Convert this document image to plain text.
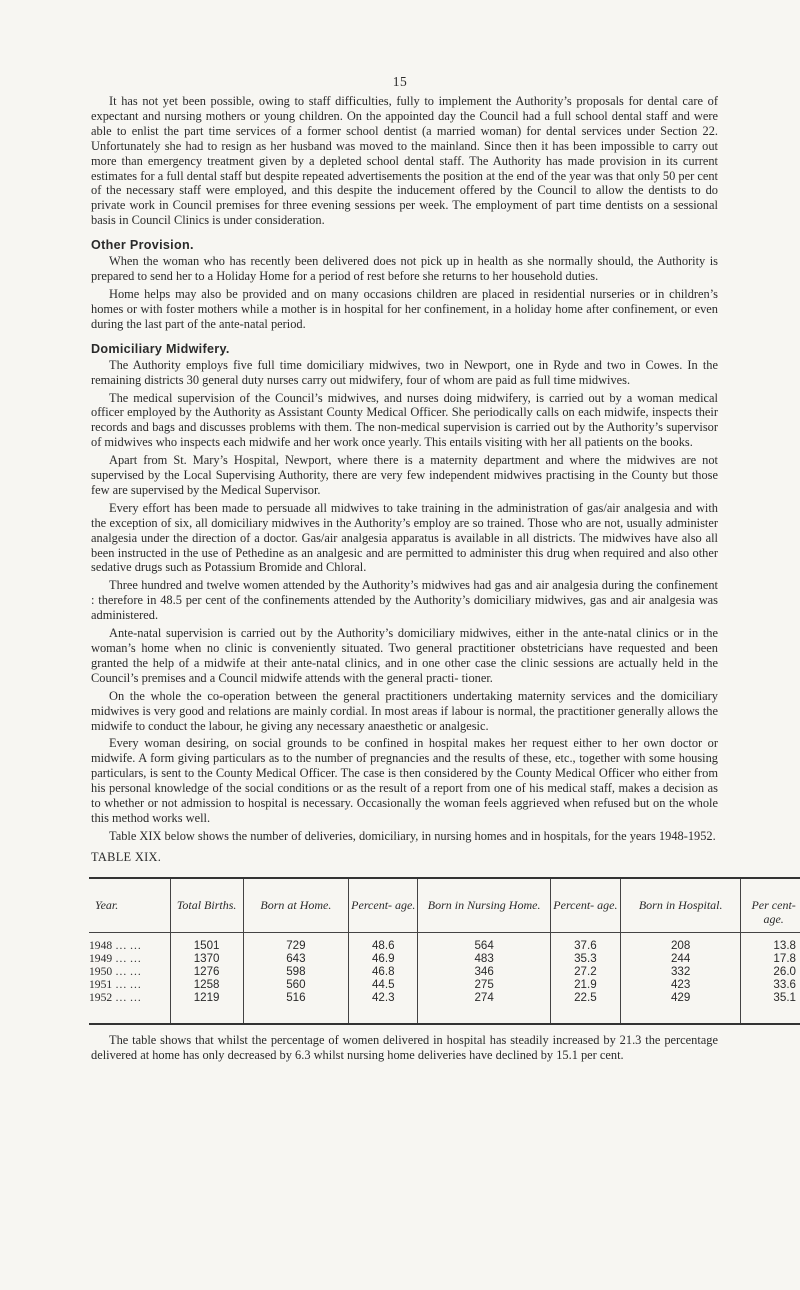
15

It has not yet been possible, owing to staff difficulties, fully to implement the Authority’s proposals for dental care of expectant and nursing mothers or young children. On the appointed day the Council had a full school dental staff and were able to enlist the part time services of a former school dentist (a married woman) for dental services under Section 22. Unfortunately she had to resign as her husband was moved to the mainland. Since then it has been impossible to carry out more than emergency treatment given by a depleted school dental staff. The Authority has made provision in its current estimates for a full dental staff but despite repeated advertisements the position at the end of the year was that only 50 per cent of the necessary staff were employed, and this despite the inducement offered by the Council to allow the dentists to do private work in Council premises for three evening sessions per week. The employment of part time dentists on a sessional basis in Council Clinics is under consideration.

Other Provision.

When the woman who has recently been delivered does not pick up in health as she normally should, the Authority is prepared to send her to a Holiday Home for a period of rest before she returns to her household duties.

Home helps may also be provided and on many occasions children are placed in residential nurseries or in children’s homes or with foster mothers while a mother is in hospital for her confinement, in a holiday home after confinement, or even during the last part of the ante-natal period.

Domiciliary Midwifery.

The Authority employs five full time domiciliary midwives, two in Newport, one in Ryde and two in Cowes. In the remaining districts 30 general duty nurses carry out midwifery, four of whom are paid as full time midwives.

The medical supervision of the Council’s midwives, and nurses doing midwifery, is carried out by a woman medical officer employed by the Authority as Assistant County Medical Officer. She periodically calls on each midwife, inspects their records and bags and discusses problems with them. The non-medical supervision is carried out by the Authority’s supervisor of midwives who inspects each midwife and her work once yearly. This entails visiting with her all patients on the books.

Apart from St. Mary’s Hospital, Newport, where there is a maternity department and where the midwives are not supervised by the Local Supervising Authority, there are very few independent midwives practising in the County but those few are supervised by the Medical Supervisor.

Every effort has been made to persuade all midwives to take training in the administration of gas/air analgesia and with the exception of six, all domiciliary midwives in the Authority’s employ are so trained. Those who are not, usually administer analgesia under the direction of a doctor. Gas/air analgesia apparatus is available in all districts. The midwives have also all been instructed in the use of Pethedine as an analgesic and are permitted to administer this drug when required and also other sedative drugs such as Potassium Bromide and Chloral.

Three hundred and twelve women attended by the Authority’s midwives had gas and air analgesia during the confinement : therefore in 48.5 per cent of the confinements attended by the Authority’s domiciliary midwives, gas and air analgesia was administered.

Ante-natal supervision is carried out by the Authority’s domiciliary midwives, either in the ante-natal clinics or in the woman’s home when no clinic is conveniently situated. Two general practitioner obstetricians have requested and been granted the help of a midwife at their ante-natal clinics, and in one other case the clinic sessions are actually held in the Council’s premises and a Council midwife attends with the general practi- tioner.

On the whole the co-operation between the general practitioners undertaking maternity services and the domiciliary midwives is very good and relations are mainly cordial. In most areas if labour is normal, the practitioner generally allows the midwife to conduct the labour, he giving any necessary anaesthetic or analgesic.

Every woman desiring, on social grounds to be confined in hospital makes her request either to her own doctor or midwife. A form giving particulars as to the number of pregnancies and the results of these, etc., together with some housing particulars, is sent to the County Medical Officer. The case is then considered by the County Medical Officer who either from his personal knowledge of the social conditions or as the result of a report from one of his medical staff, makes a decision as to whether or not admission to hospital is necessary. Occasionally the woman feels aggrieved when refused but on the whole this method works well.

Table XIX below shows the number of deliveries, domiciliary, in nursing homes and in hospitals, for the years 1948-1952.

TABLE XIX.
Year.	Total Births.	Born at Home.	Percent- age.	Born in Nursing Home.	Percent- age.	Born in Hospital.	Per cent- age.
1948 … …	1501	729	48.6	564	37.6	208	13.8
1949 … …	1370	643	46.9	483	35.3	244	17.8
1950 … …	1276	598	46.8	346	27.2	332	26.0
1951 … …	1258	560	44.5	275	21.9	423	33.6
1952 … …	1219	516	42.3	274	22.5	429	35.1

The table shows that whilst the percentage of women delivered in hospital has steadily increased by 21.3 the percentage delivered at home has only decreased by 6.3 whilst nursing home deliveries have declined by 15.1 per cent.
